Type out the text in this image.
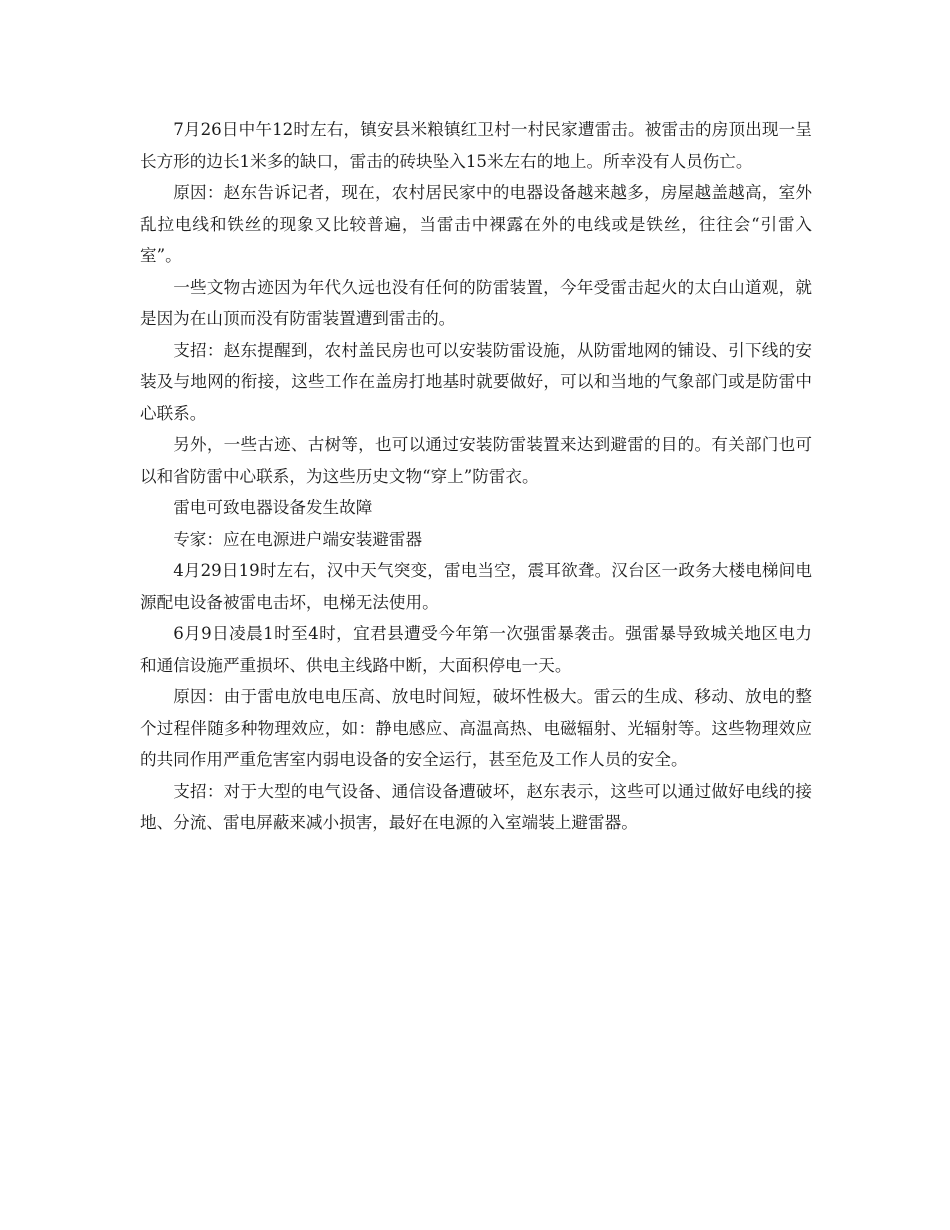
7月26日中午12时左右，镇安县米粮镇红卫村一村民家遭雷击。被雷击的房顶出现一呈长方形的边长1米多的缺口，雷击的砖块坠入15米左右的地上。所幸没有人员伤亡。

原因：赵东告诉记者，现在，农村居民家中的电器设备越来越多，房屋越盖越高，室外乱拉电线和铁丝的现象又比较普遍，当雷击中裸露在外的电线或是铁丝，往往会“引雷入室”。

一些文物古迹因为年代久远也没有任何的防雷装置，今年受雷击起火的太白山道观，就是因为在山顶而没有防雷装置遭到雷击的。

支招：赵东提醒到，农村盖民房也可以安装防雷设施，从防雷地网的铺设、引下线的安装及与地网的衔接，这些工作在盖房打地基时就要做好，可以和当地的气象部门或是防雷中心联系。

另外，一些古迹、古树等，也可以通过安装防雷装置来达到避雷的目的。有关部门也可以和省防雷中心联系，为这些历史文物“穿上”防雷衣。

雷电可致电器设备发生故障

专家：应在电源进户端安装避雷器

4月29日19时左右，汉中天气突变，雷电当空，震耳欲聋。汉台区一政务大楼电梯间电源配电设备被雷电击坏，电梯无法使用。

6月9日凌晨1时至4时，宜君县遭受今年第一次强雷暴袭击。强雷暴导致城关地区电力和通信设施严重损坏、供电主线路中断，大面积停电一天。

原因：由于雷电放电电压高、放电时间短，破坏性极大。雷云的生成、移动、放电的整个过程伴随多种物理效应，如：静电感应、高温高热、电磁辐射、光辐射等。这些物理效应的共同作用严重危害室内弱电设备的安全运行，甚至危及工作人员的安全。

支招：对于大型的电气设备、通信设备遭破坏，赵东表示，这些可以通过做好电线的接地、分流、雷电屏蔽来减小损害，最好在电源的入室端装上避雷器。
